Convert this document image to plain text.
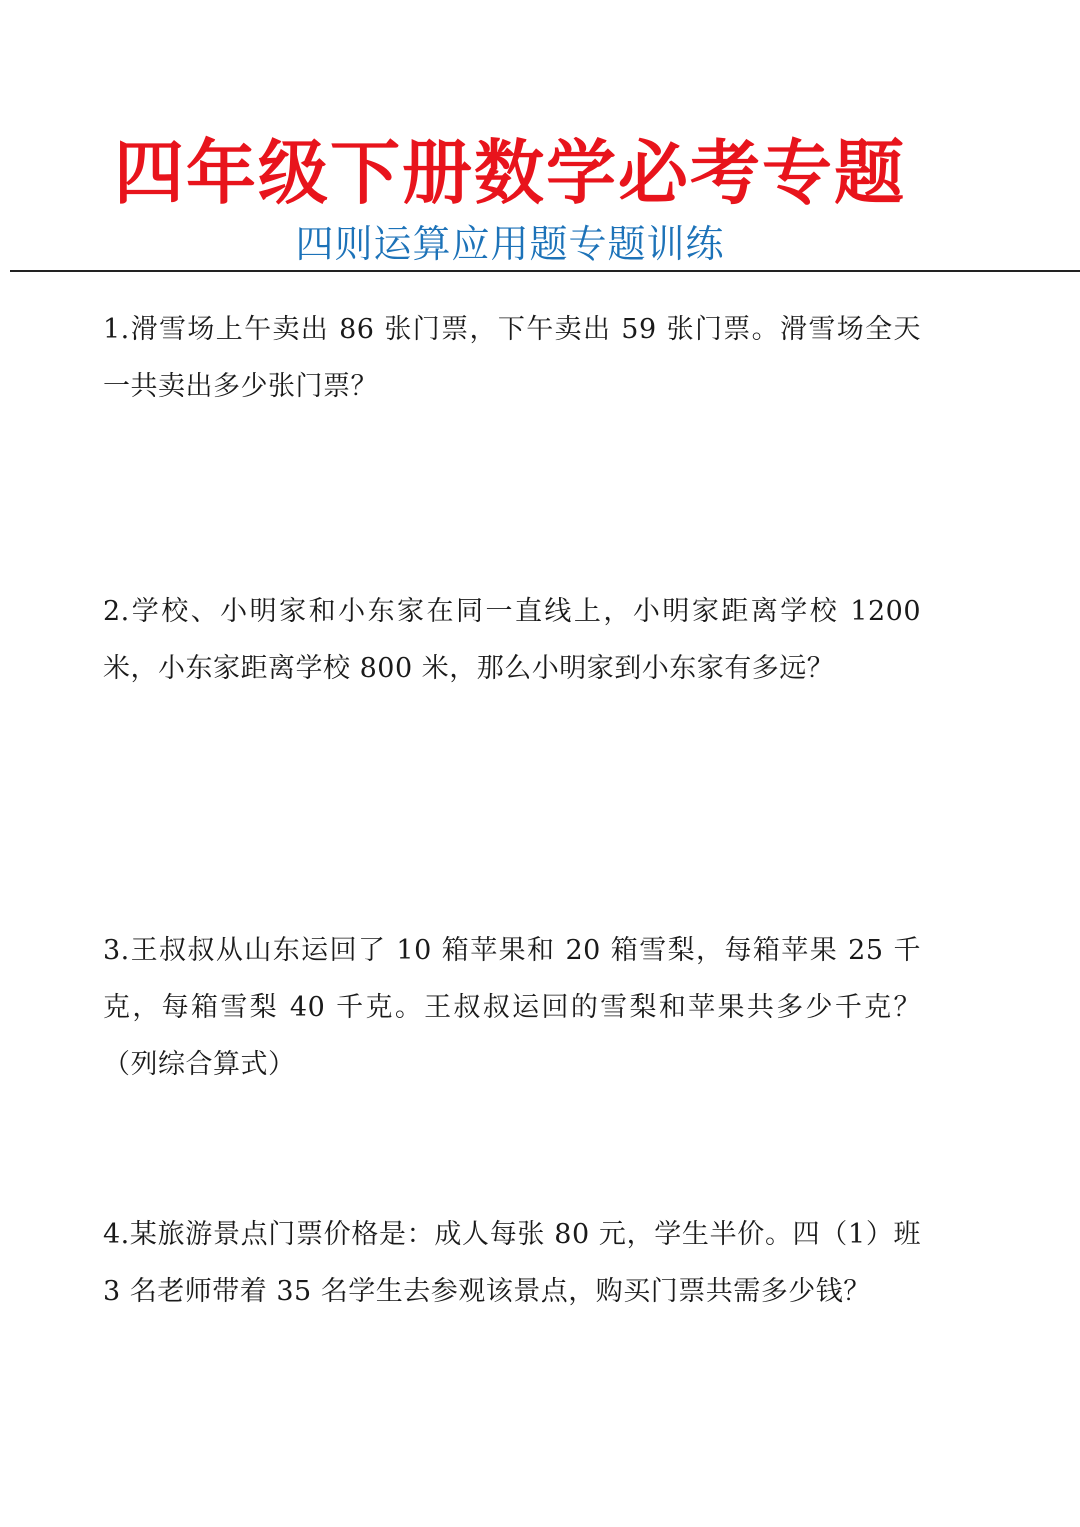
四年级下册数学必考专题
四则运算应用题专题训练
1.滑雪场上午卖出 86 张门票，下午卖出 59 张门票。滑雪场全天一共卖出多少张门票？
2.学校、小明家和小东家在同一直线上，小明家距离学校 1200 米，小东家距离学校 800 米，那么小明家到小东家有多远？
3.王叔叔从山东运回了 10 箱苹果和 20 箱雪梨，每箱苹果 25 千克，每箱雪梨 40 千克。王叔叔运回的雪梨和苹果共多少千克？（列综合算式）
4.某旅游景点门票价格是：成人每张 80 元，学生半价。四（1）班 3 名老师带着 35 名学生去参观该景点，购买门票共需多少钱？
